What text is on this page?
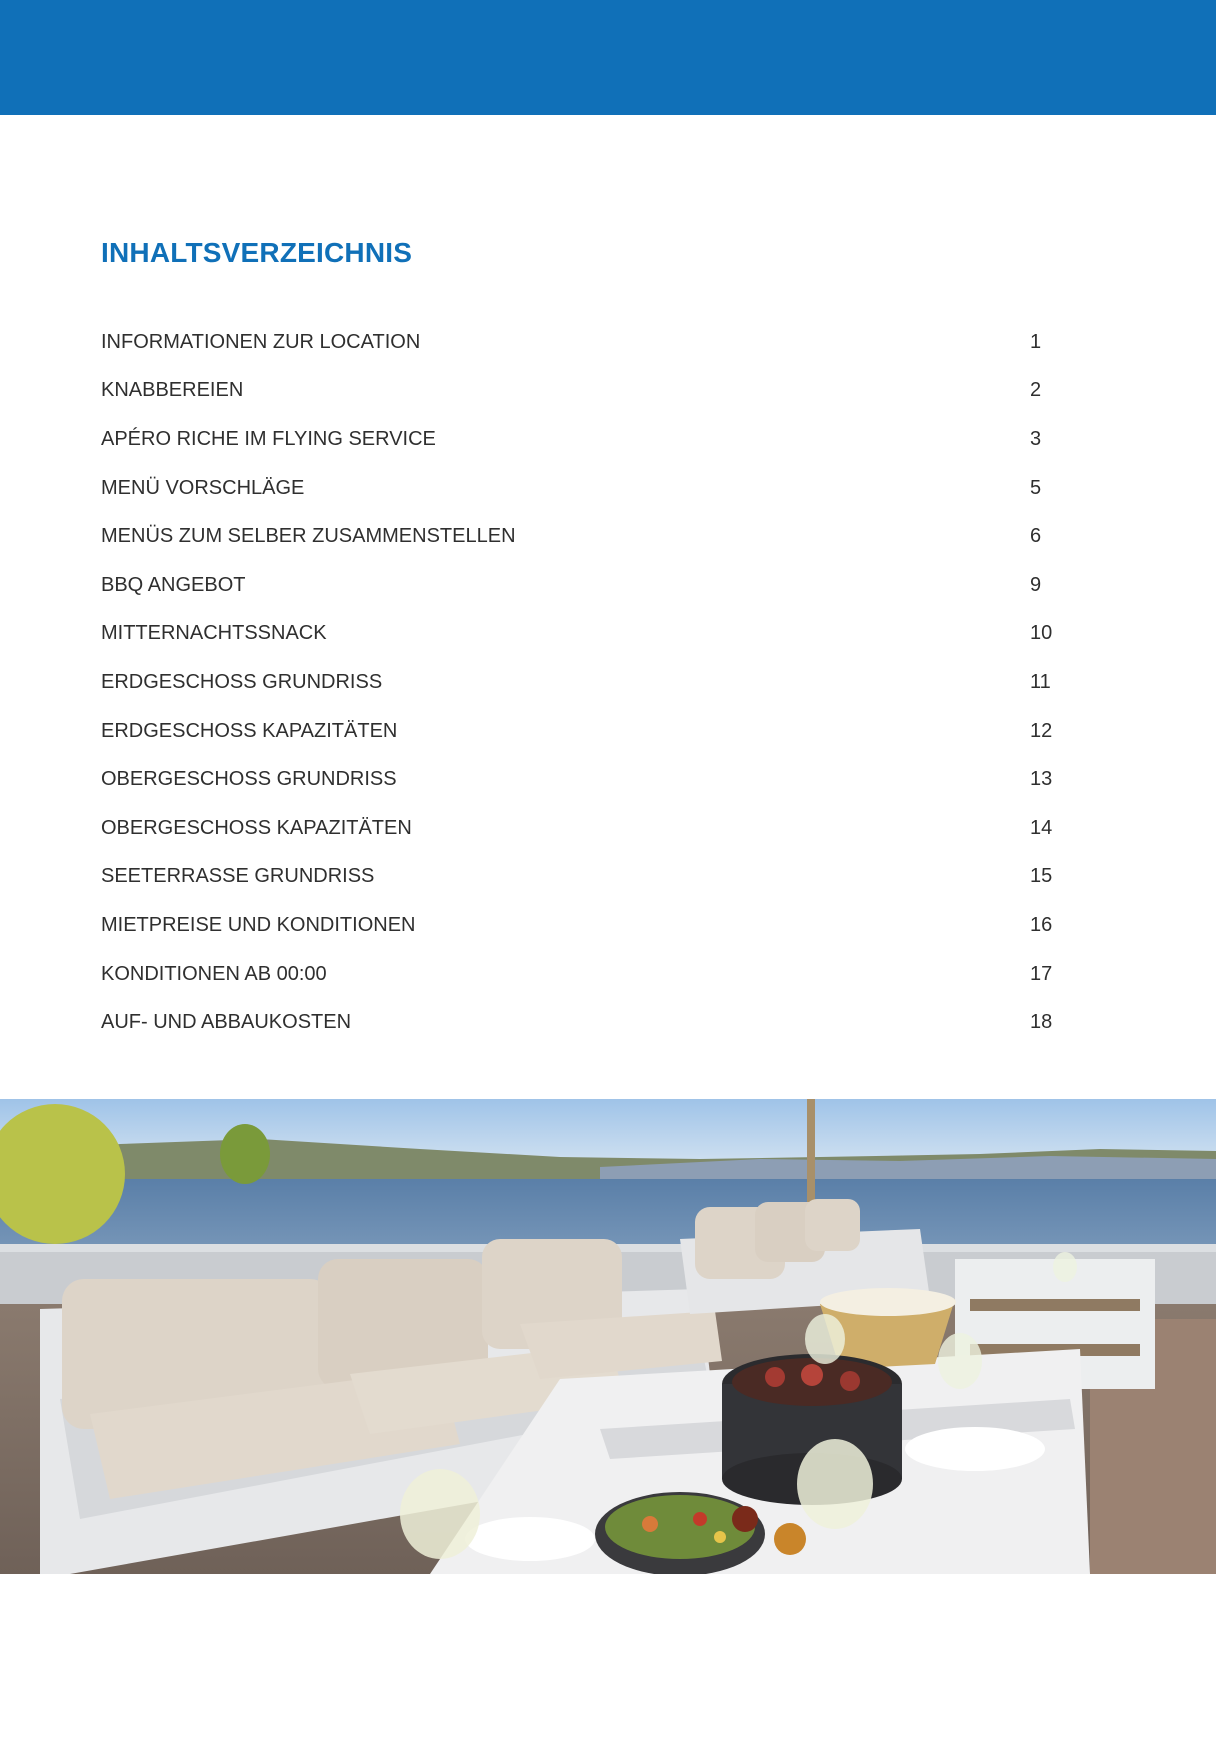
INHALTSVERZEICHNIS
INFORMATIONEN ZUR LOCATION	1
KNABBEREIEN	2
APÉRO RICHE IM FLYING SERVICE	3
MENÜ VORSCHLÄGE	5
MENÜS ZUM SELBER ZUSAMMENSTELLEN	6
BBQ ANGEBOT	9
MITTERNACHTSSNACK	10
ERDGESCHOSS GRUNDRISS	11
ERDGESCHOSS KAPAZITÄTEN	12
OBERGESCHOSS GRUNDRISS	13
OBERGESCHOSS KAPAZITÄTEN	14
SEETERRASSE GRUNDRISS	15
MIETPREISE UND KONDITIONEN	16
KONDITIONEN AB 00:00	17
AUF- UND ABBAUKOSTEN	18
